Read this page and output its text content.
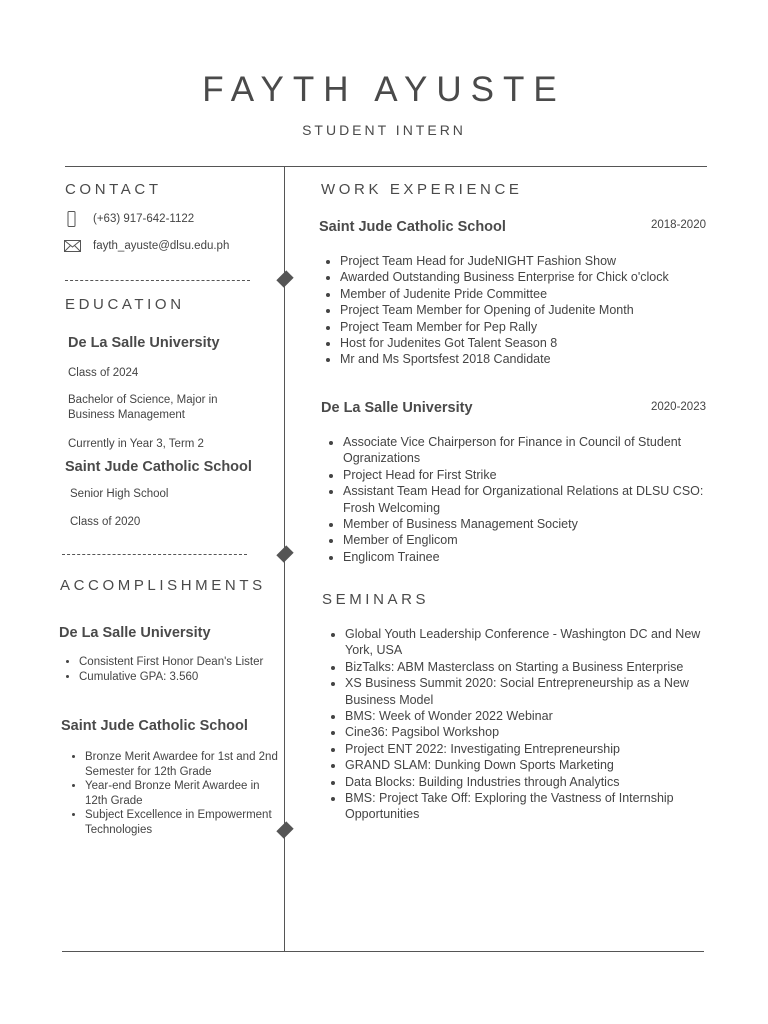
FAYTH AYUSTE
STUDENT INTERN
CONTACT
(+63) 917-642-1122
fayth_ayuste@dlsu.edu.ph
EDUCATION
De La Salle University
Class of 2024
Bachelor of Science, Major in Business Management
Currently in Year 3, Term 2
Saint Jude Catholic School
Senior High School
Class of 2020
ACCOMPLISHMENTS
De La Salle University
• Consistent First Honor Dean's Lister
• Cumulative GPA: 3.560
Saint Jude Catholic School
• Bronze Merit Awardee for 1st and 2nd Semester for 12th Grade
• Year-end Bronze Merit Awardee in 12th Grade
• Subject Excellence in Empowerment Technologies
WORK EXPERIENCE
Saint Jude Catholic School	2018-2020
• Project Team Head for JudeNIGHT Fashion Show
• Awarded Outstanding Business Enterprise for Chick o'clock
• Member of Judenite Pride Committee
• Project Team Member for Opening of Judenite Month
• Project Team Member for Pep Rally
• Host for Judenites Got Talent Season 8
• Mr and Ms Sportsfest 2018 Candidate
De La Salle University	2020-2023
• Associate Vice Chairperson for Finance in Council of Student Ogranizations
• Project Head for First Strike
• Assistant Team Head for Organizational Relations at DLSU CSO: Frosh Welcoming
• Member of Business Management Society
• Member of Englicom
• Englicom Trainee
SEMINARS
• Global Youth Leadership Conference - Washington DC and New York, USA
• BizTalks: ABM Masterclass on Starting a Business Enterprise
• XS Business Summit 2020: Social Entrepreneurship as a New Business Model
• BMS: Week of Wonder 2022 Webinar
• Cine36: Pagsibol Workshop
• Project ENT 2022: Investigating Entrepreneurship
• GRAND SLAM: Dunking Down Sports Marketing
• Data Blocks: Building Industries through Analytics
• BMS: Project Take Off: Exploring the Vastness of Internship Opportunities
